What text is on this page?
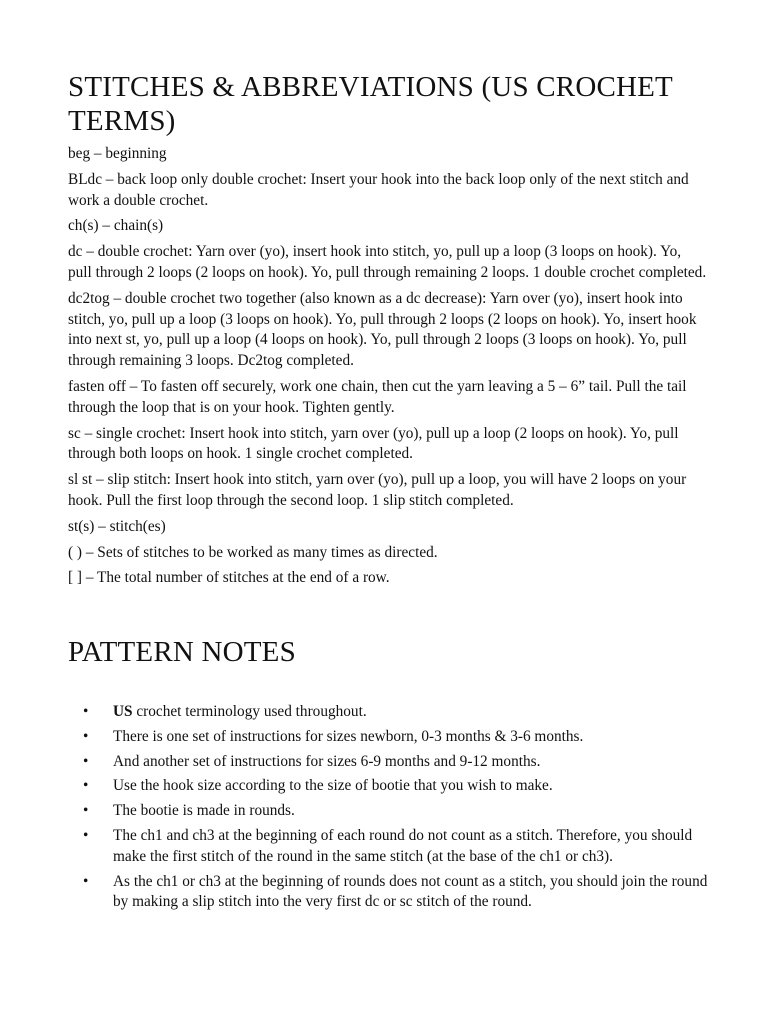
STITCHES & ABBREVIATIONS (US CROCHET TERMS)
beg – beginning
BLdc – back loop only double crochet: Insert your hook into the back loop only of the next stitch and work a double crochet.
ch(s) – chain(s)
dc – double crochet: Yarn over (yo), insert hook into stitch, yo, pull up a loop (3 loops on hook). Yo, pull through 2 loops (2 loops on hook). Yo, pull through remaining 2 loops. 1 double crochet completed.
dc2tog – double crochet two together (also known as a dc decrease): Yarn over (yo), insert hook into stitch, yo, pull up a loop (3 loops on hook). Yo, pull through 2 loops (2 loops on hook). Yo, insert hook into next st, yo, pull up a loop (4 loops on hook). Yo, pull through 2 loops (3 loops on hook). Yo, pull through remaining 3 loops. Dc2tog completed.
fasten off – To fasten off securely, work one chain, then cut the yarn leaving a 5 – 6” tail. Pull the tail through the loop that is on your hook. Tighten gently.
sc – single crochet: Insert hook into stitch, yarn over (yo), pull up a loop (2 loops on hook). Yo, pull through both loops on hook. 1 single crochet completed.
sl st – slip stitch: Insert hook into stitch, yarn over (yo), pull up a loop, you will have 2 loops on your hook. Pull the first loop through the second loop. 1 slip stitch completed.
st(s) – stitch(es)
( ) – Sets of stitches to be worked as many times as directed.
[ ] – The total number of stitches at the end of a row.
PATTERN NOTES
• US crochet terminology used throughout.
• There is one set of instructions for sizes newborn, 0-3 months & 3-6 months.
• And another set of instructions for sizes 6-9 months and 9-12 months.
• Use the hook size according to the size of bootie that you wish to make.
• The bootie is made in rounds.
• The ch1 and ch3 at the beginning of each round do not count as a stitch. Therefore, you should make the first stitch of the round in the same stitch (at the base of the ch1 or ch3).
• As the ch1 or ch3 at the beginning of rounds does not count as a stitch, you should join the round by making a slip stitch into the very first dc or sc stitch of the round.
